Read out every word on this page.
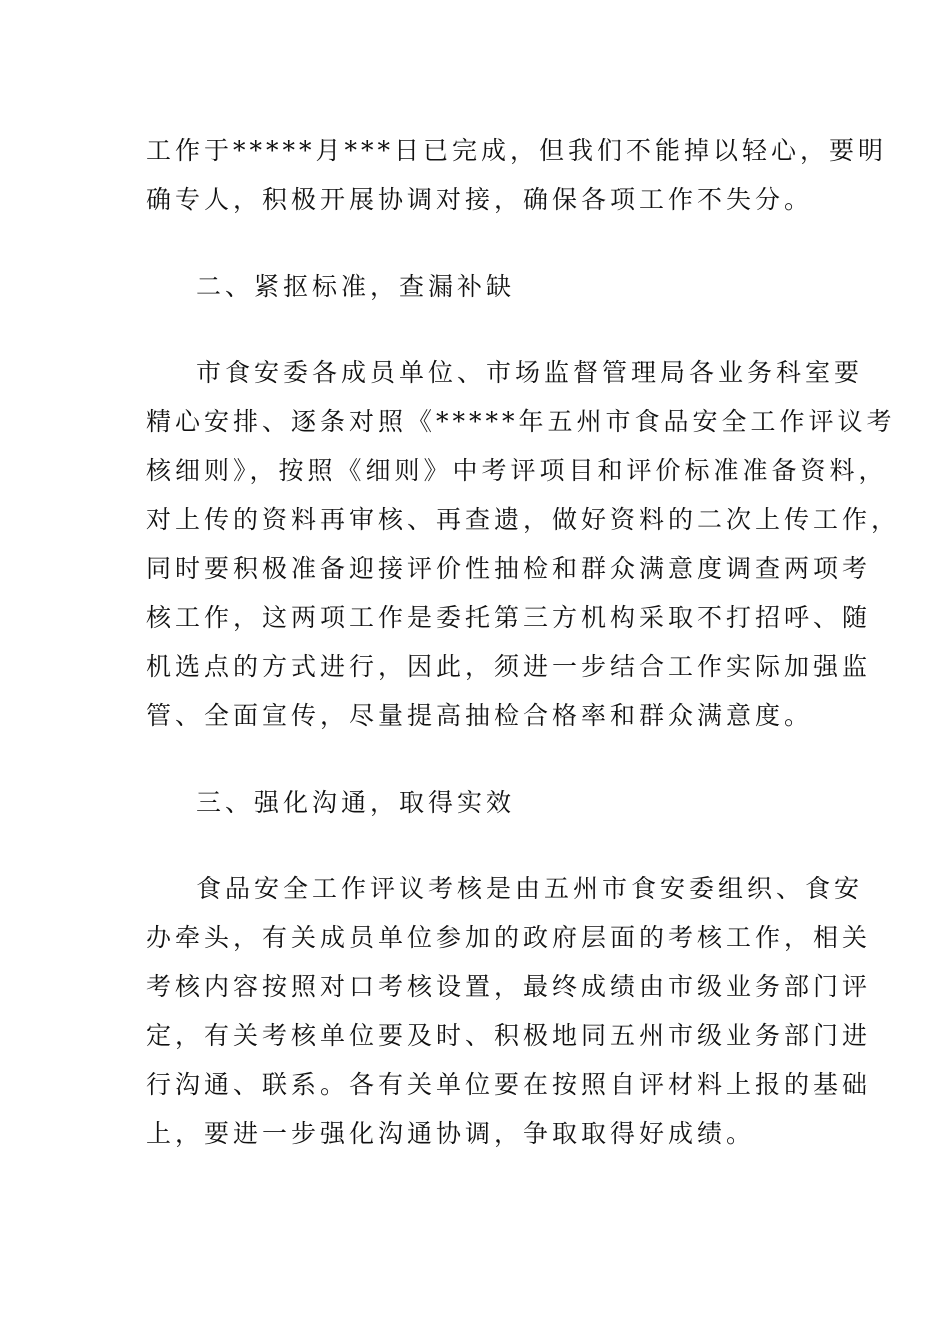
工作于*****月***日已完成，但我们不能掉以轻心，要明
确专人，积极开展协调对接，确保各项工作不失分。
二、紧抠标准，查漏补缺
市食安委各成员单位、市场监督管理局各业务科室要
精心安排、逐条对照《*****年五州市食品安全工作评议考
核细则》，按照《细则》中考评项目和评价标准准备资料，
对上传的资料再审核、再查遗，做好资料的二次上传工作，
同时要积极准备迎接评价性抽检和群众满意度调查两项考
核工作，这两项工作是委托第三方机构采取不打招呼、随
机选点的方式进行，因此，须进一步结合工作实际加强监
管、全面宣传，尽量提高抽检合格率和群众满意度。
三、强化沟通，取得实效
食品安全工作评议考核是由五州市食安委组织、食安
办牵头，有关成员单位参加的政府层面的考核工作，相关
考核内容按照对口考核设置，最终成绩由市级业务部门评
定，有关考核单位要及时、积极地同五州市级业务部门进
行沟通、联系。各有关单位要在按照自评材料上报的基础
上，要进一步强化沟通协调，争取取得好成绩。
